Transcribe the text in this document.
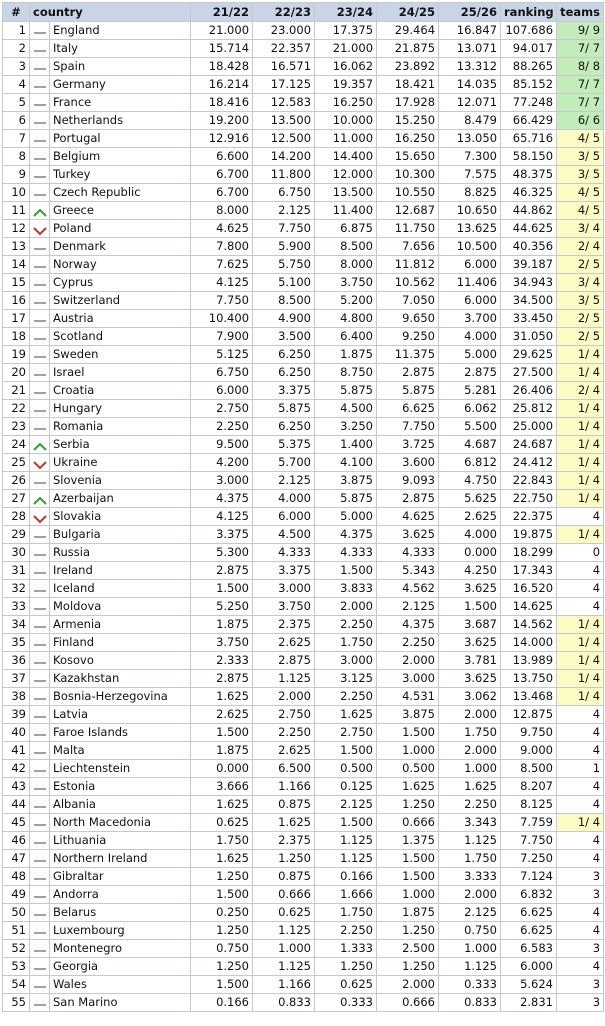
#	country		21/22	22/23	23/24	24/25	25/26	ranking	teams
1		England	21.000	23.000	17.375	29.464	16.847	107.686	9/ 9
2		Italy	15.714	22.357	21.000	21.875	13.071	94.017	7/ 7
3		Spain	18.428	16.571	16.062	23.892	13.312	88.265	8/ 8
4		Germany	16.214	17.125	19.357	18.421	14.035	85.152	7/ 7
5		France	18.416	12.583	16.250	17.928	12.071	77.248	7/ 7
6		Netherlands	19.200	13.500	10.000	15.250	8.479	66.429	6/ 6
7		Portugal	12.916	12.500	11.000	16.250	13.050	65.716	4/ 5
8		Belgium	6.600	14.200	14.400	15.650	7.300	58.150	3/ 5
9		Turkey	6.700	11.800	12.000	10.300	7.575	48.375	3/ 5
10		Czech Republic	6.700	6.750	13.500	10.550	8.825	46.325	4/ 5
11		Greece	8.000	2.125	11.400	12.687	10.650	44.862	4/ 5
12		Poland	4.625	7.750	6.875	11.750	13.625	44.625	3/ 4
13		Denmark	7.800	5.900	8.500	7.656	10.500	40.356	2/ 4
14		Norway	7.625	5.750	8.000	11.812	6.000	39.187	2/ 5
15		Cyprus	4.125	5.100	3.750	10.562	11.406	34.943	3/ 4
16		Switzerland	7.750	8.500	5.200	7.050	6.000	34.500	3/ 5
17		Austria	10.400	4.900	4.800	9.650	3.700	33.450	2/ 5
18		Scotland	7.900	3.500	6.400	9.250	4.000	31.050	2/ 5
19		Sweden	5.125	6.250	1.875	11.375	5.000	29.625	1/ 4
20		Israel	6.750	6.250	8.750	2.875	2.875	27.500	1/ 4
21		Croatia	6.000	3.375	5.875	5.875	5.281	26.406	2/ 4
22		Hungary	2.750	5.875	4.500	6.625	6.062	25.812	1/ 4
23		Romania	2.250	6.250	3.250	7.750	5.500	25.000	1/ 4
24		Serbia	9.500	5.375	1.400	3.725	4.687	24.687	1/ 4
25		Ukraine	4.200	5.700	4.100	3.600	6.812	24.412	1/ 4
26		Slovenia	3.000	2.125	3.875	9.093	4.750	22.843	1/ 4
27		Azerbaijan	4.375	4.000	5.875	2.875	5.625	22.750	1/ 4
28		Slovakia	4.125	6.000	5.000	4.625	2.625	22.375	4
29		Bulgaria	3.375	4.500	4.375	3.625	4.000	19.875	1/ 4
30		Russia	5.300	4.333	4.333	4.333	0.000	18.299	0
31		Ireland	2.875	3.375	1.500	5.343	4.250	17.343	4
32		Iceland	1.500	3.000	3.833	4.562	3.625	16.520	4
33		Moldova	5.250	3.750	2.000	2.125	1.500	14.625	4
34		Armenia	1.875	2.375	2.250	4.375	3.687	14.562	1/ 4
35		Finland	3.750	2.625	1.750	2.250	3.625	14.000	1/ 4
36		Kosovo	2.333	2.875	3.000	2.000	3.781	13.989	1/ 4
37		Kazakhstan	2.875	1.125	3.125	3.000	3.625	13.750	1/ 4
38		Bosnia-Herzegovina	1.625	2.000	2.250	4.531	3.062	13.468	1/ 4
39		Latvia	2.625	2.750	1.625	3.875	2.000	12.875	4
40		Faroe Islands	1.500	2.250	2.750	1.500	1.750	9.750	4
41		Malta	1.875	2.625	1.500	1.000	2.000	9.000	4
42		Liechtenstein	0.000	6.500	0.500	0.500	1.000	8.500	1
43		Estonia	3.666	1.166	0.125	1.625	1.625	8.207	4
44		Albania	1.625	0.875	2.125	1.250	2.250	8.125	4
45		North Macedonia	0.625	1.625	1.500	0.666	3.343	7.759	1/ 4
46		Lithuania	1.750	2.375	1.125	1.375	1.125	7.750	4
47		Northern Ireland	1.625	1.250	1.125	1.500	1.750	7.250	4
48		Gibraltar	1.250	0.875	0.166	1.500	3.333	7.124	3
49		Andorra	1.500	0.666	1.666	1.000	2.000	6.832	3
50		Belarus	0.250	0.625	1.750	1.875	2.125	6.625	4
51		Luxembourg	1.250	1.125	2.250	1.250	0.750	6.625	4
52		Montenegro	0.750	1.000	1.333	2.500	1.000	6.583	3
53		Georgia	1.250	1.125	1.250	1.250	1.125	6.000	4
54		Wales	1.500	1.166	0.625	2.000	0.333	5.624	3
55		San Marino	0.166	0.833	0.333	0.666	0.833	2.831	3
